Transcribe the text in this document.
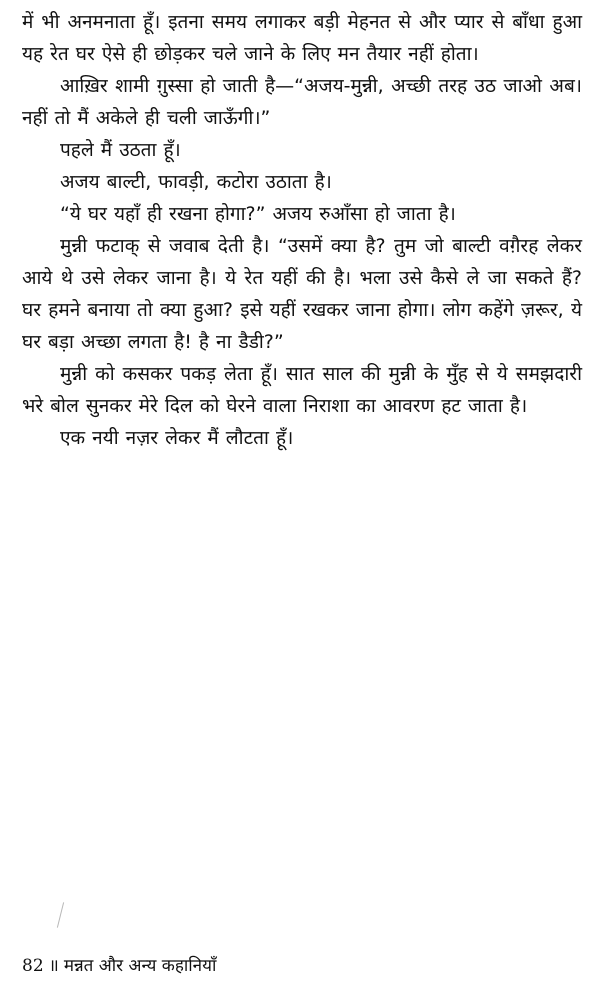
में भी अनमनाता हूँ। इतना समय लगाकर बड़ी मेहनत से और प्यार से बाँधा हुआ यह रेत घर ऐसे ही छोड़कर चले जाने के लिए मन तैयार नहीं होता।

आख़िर शामी ग़ुस्सा हो जाती है—“अजय-मुन्नी, अच्छी तरह उठ जाओ अब। नहीं तो मैं अकेले ही चली जाऊँगी।”

पहले मैं उठता हूँ।

अजय बाल्टी, फावड़ी, कटोरा उठाता है।

“ये घर यहाँ ही रखना होगा?” अजय रुआँसा हो जाता है।

मुन्नी फटाक् से जवाब देती है। “उसमें क्या है? तुम जो बाल्टी वग़ैरह लेकर आये थे उसे लेकर जाना है। ये रेत यहीं की है। भला उसे कैसे ले जा सकते हैं? घर हमने बनाया तो क्या हुआ? इसे यहीं रखकर जाना होगा। लोग कहेंगे ज़रूर, ये घर बड़ा अच्छा लगता है! है ना डैडी?”

मुन्नी को कसकर पकड़ लेता हूँ। सात साल की मुन्नी के मुँह से ये समझदारी भरे बोल सुनकर मेरे दिल को घेरने वाला निराशा का आवरण हट जाता है।

एक नयी नज़र लेकर मैं लौटता हूँ।

82 ॥ मन्नत और अन्य कहानियाँ
